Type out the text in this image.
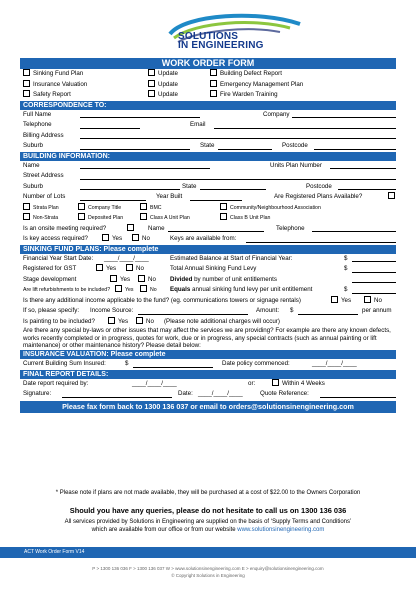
SOLUTIONS
IN ENGINEERING
WORK ORDER FORM
Sinking Fund Plan	Update	Building Defect Report
Insurance Valuation	Update	Emergency Management Plan
Safety Report	Update	Fire Warden Training
CORRESPONDENCE TO:
Full Name	Company
Telephone	Email
Billing Address
Suburb	State	Postcode
BUILDING INFORMATION:
Name	Units Plan Number
Street Address
Suburb	State	Postcode
Number of Lots	Year Built	Are Registered Plans Available?
Strata Plan	Company Title	BMC	Community/Neighbourhood Association
Non-Strata	Deposited Plan	Class A Unit Plan	Class B Unit Plan
Is an onsite meeting required?	Name	Telephone
Is key access required?	Yes	No	Keys are available from:
SINKING FUND PLANS: Please complete
Financial Year Start Date: ____/____/____	Estimated Balance at Start of Financial Year:	$
Registered for GST	Yes	No	Total Annual Sinking Fund Levy	$
Stage development	Yes	No Divided by number of unit entitlements
Are lift refurbishments to be included?	Yes	No Equals annual sinking fund levy per unit entitlement	$
Is there any additional income applicable to the fund? (eg. communications towers or signage rentals)	Yes	No
If so, please specify: Income Source:	Amount: $	per annum
Is painting to be included?	Yes	No (Please note additional charges will occur)
Are there any special by-laws or other issues that may affect the services we are providing? For example are there any known defects, works recently completed or in progress, quotes for work, due or in progress, any special contracts (such as annual painting or lift maintenance) or other maintenance history? Please detail below:
INSURANCE VALUATION: Please complete
Current Building Sum Insured:	$	Date policy commenced:	____/____/____
FINAL REPORT DETAILS:
Date report required by:	____/____/____	or:	Within 4 Weeks
Signature:	Date: ____/____/____	Quote Reference:
Please fax form back to 1300 136 037 or email to orders@solutionsinengineering.com
* Please note if plans are not made available, they will be purchased at a cost of $22.00 to the Owners Corporation
Should you have any queries, please do not hesitate to call us on 1300 136 036
All services provided by Solutions in Engineering are supplied on the basis of ‘Supply Terms and Conditions’
which are available from our office or from our website www.solutionsinengineering.com
ACT Work Order Form V14
P > 1300 136 036 F > 1300 136 037 W > www.solutionsinengineering.com E > enquiry@solutionsinengineering.com
© Copyright Solutions in Engineering
